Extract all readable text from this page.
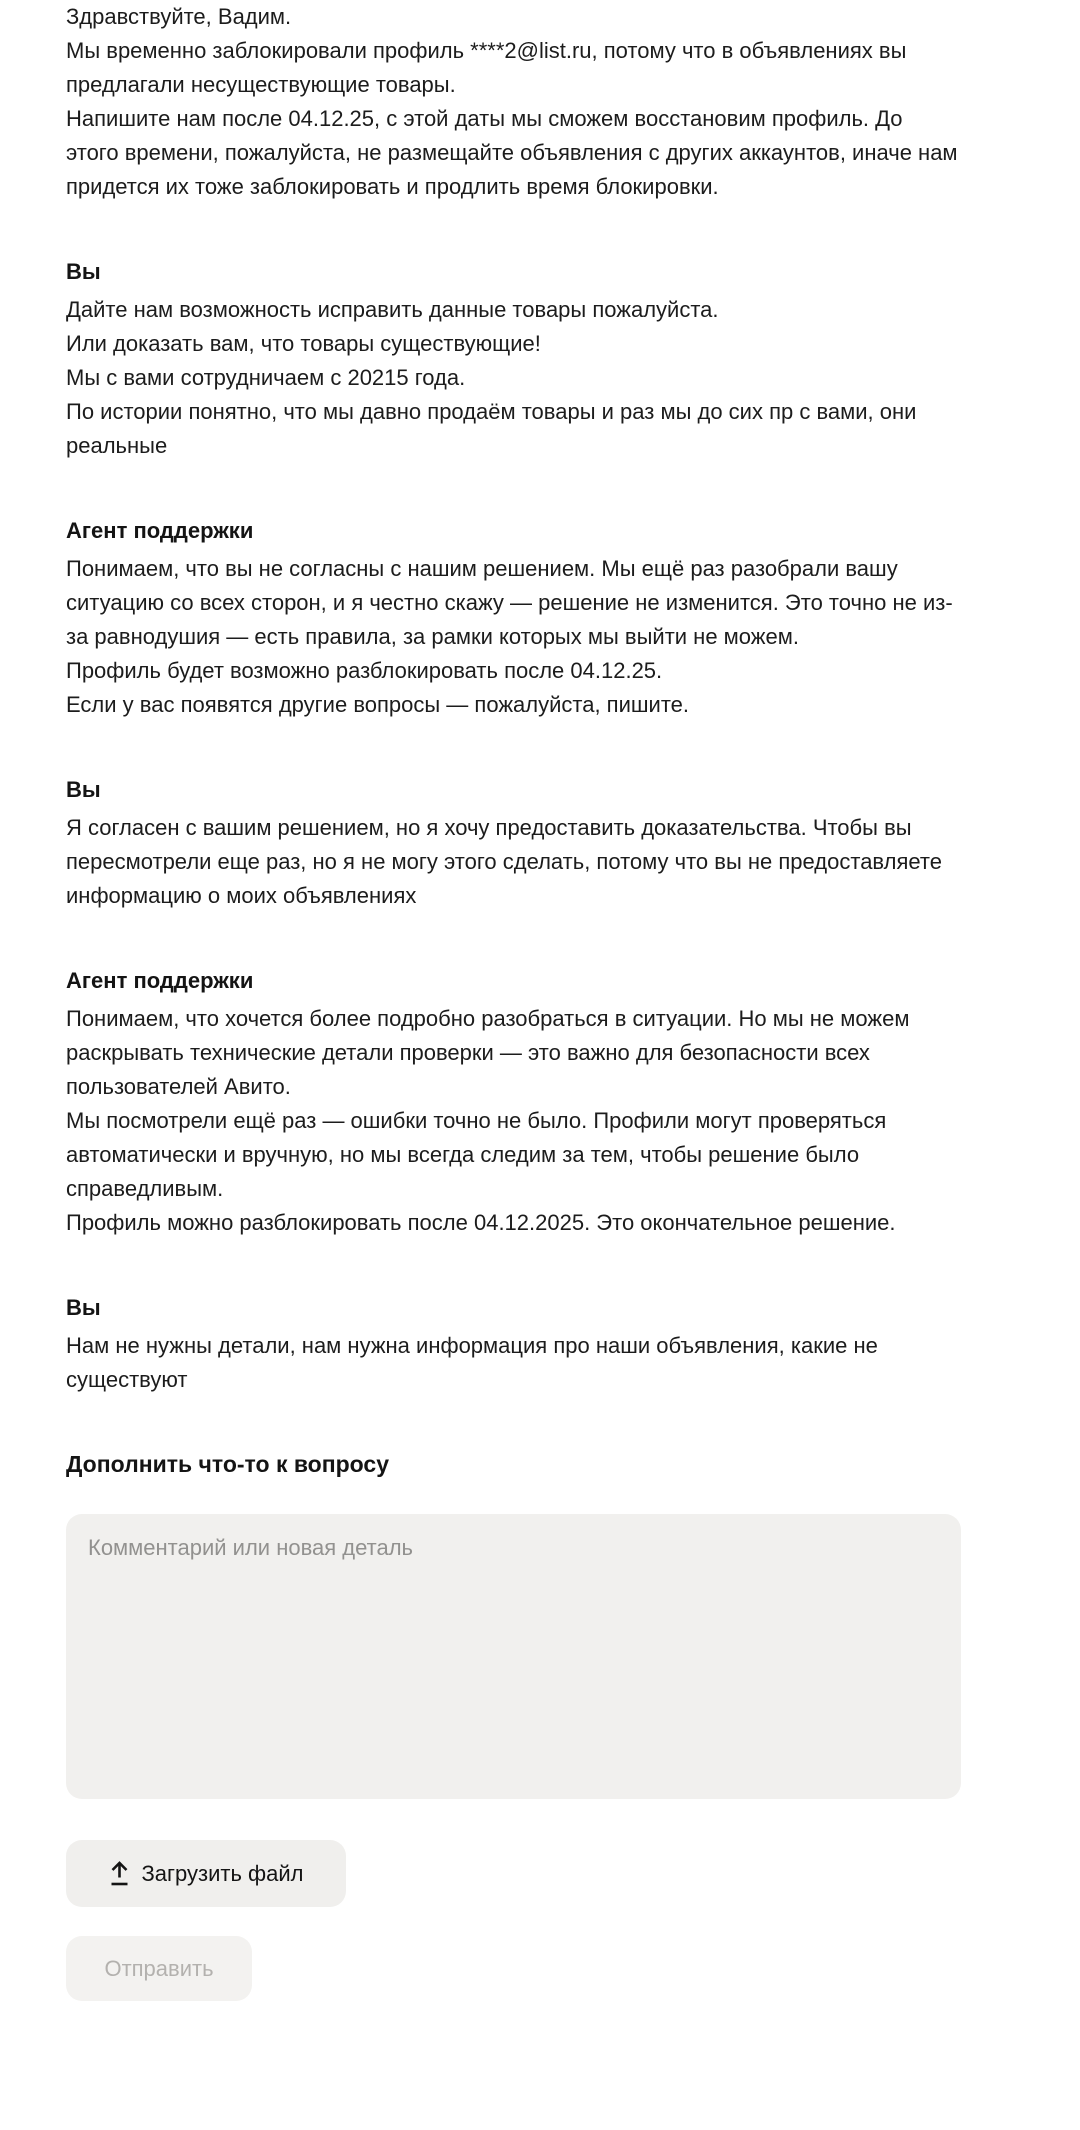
Здравствуйте, Вадим.

Мы временно заблокировали профиль ****2@list.ru, потому что в объявлениях вы предлагали несуществующие товары.

Напишите нам после 04.12.25, с этой даты мы сможем восстановим профиль. До этого времени, пожалуйста, не размещайте объявления с других аккаунтов, иначе нам придется их тоже заблокировать и продлить время блокировки.

Вы

Дайте нам возможность исправить данные товары пожалуйста.

Или доказать вам, что товары существующие!

Мы с вами сотрудничаем с 20215 года.

По истории понятно, что мы давно продаём товары и раз мы до сих пр с вами, они реальные

Агент поддержки

Понимаем, что вы не согласны с нашим решением. Мы ещё раз разобрали вашу ситуацию со всех сторон, и я честно скажу — решение не изменится. Это точно не из-за равнодушия — есть правила, за рамки которых мы выйти не можем.

Профиль будет возможно разблокировать после 04.12.25.

Если у вас появятся другие вопросы — пожалуйста, пишите.

Вы

Я согласен с вашим решением, но я хочу предоставить доказательства. Чтобы вы пересмотрели еще раз, но я не могу этого сделать, потому что вы не предоставляете информацию о моих объявлениях

Агент поддержки

Понимаем, что хочется более подробно разобраться в ситуации. Но мы не можем раскрывать технические детали проверки — это важно для безопасности всех пользователей Авито.

Мы посмотрели ещё раз — ошибки точно не было. Профили могут проверяться автоматически и вручную, но мы всегда следим за тем, чтобы решение было справедливым.

Профиль можно разблокировать после 04.12.2025. Это окончательное решение.

Вы

Нам не нужны детали, нам нужна информация про наши объявления, какие не существуют

Дополнить что-то к вопросу
Комментарий или новая деталь
Загрузить файл
Отправить
